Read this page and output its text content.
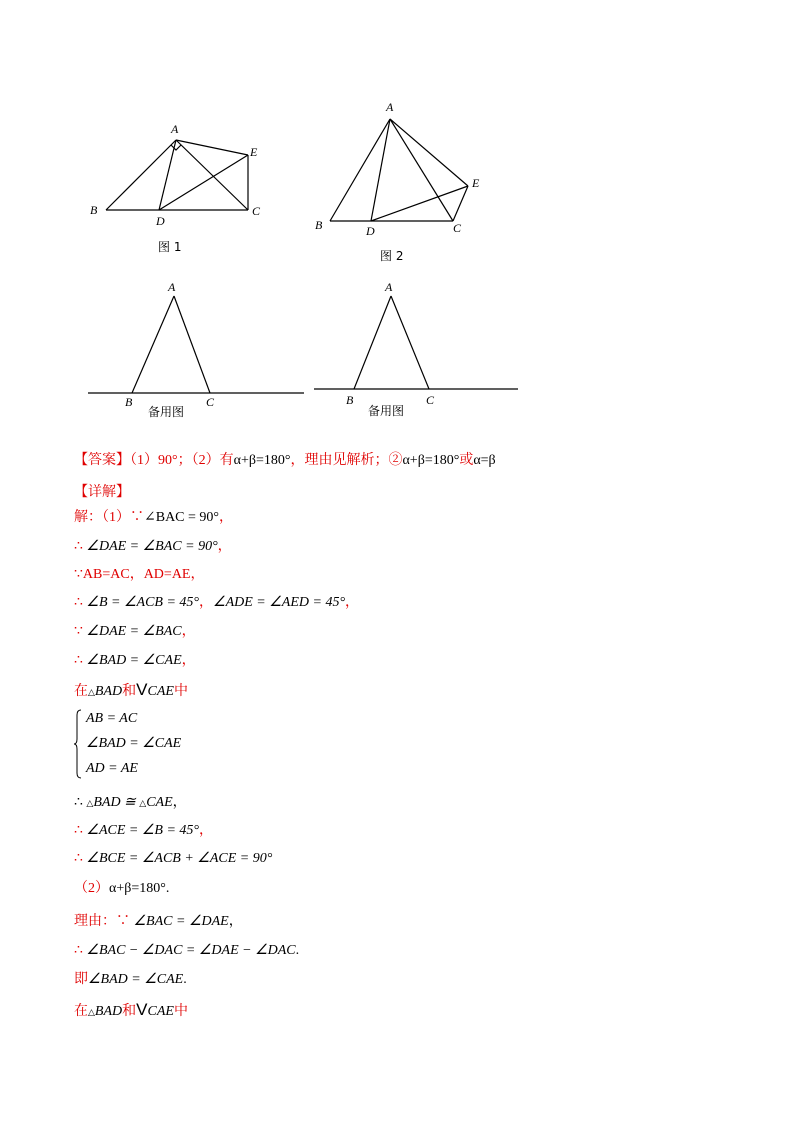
A
B	C
D
E
图 1
A
B	C
D
E
图 2
A
B	C
备用图
A
B	C
备用图
【答案】（1）90°；（2）有α+β=180°，理由见解析；②α+β=180°或α=β
【详解】
解：（1）∵∠BAC = 90°，
∴ ∠DAE = ∠BAC = 90°，
∵AB=AC，AD=AE，
∴ ∠B = ∠ACB = 45°，∠ADE = ∠AED = 45°，
∵ ∠DAE = ∠BAC，
∴ ∠BAD = ∠CAE，
在△BAD和VCAE中
AB = AC
∠BAD = ∠CAE
AD = AE
∴ △BAD ≅ △CAE，
∴ ∠ACE = ∠B = 45°，
∴ ∠BCE = ∠ACB + ∠ACE = 90°
（2）α+β=180°.
理由：∵ ∠BAC = ∠DAE，
∴ ∠BAC − ∠DAC = ∠DAE − ∠DAC.
即∠BAD = ∠CAE.
在△BAD和VCAE中
